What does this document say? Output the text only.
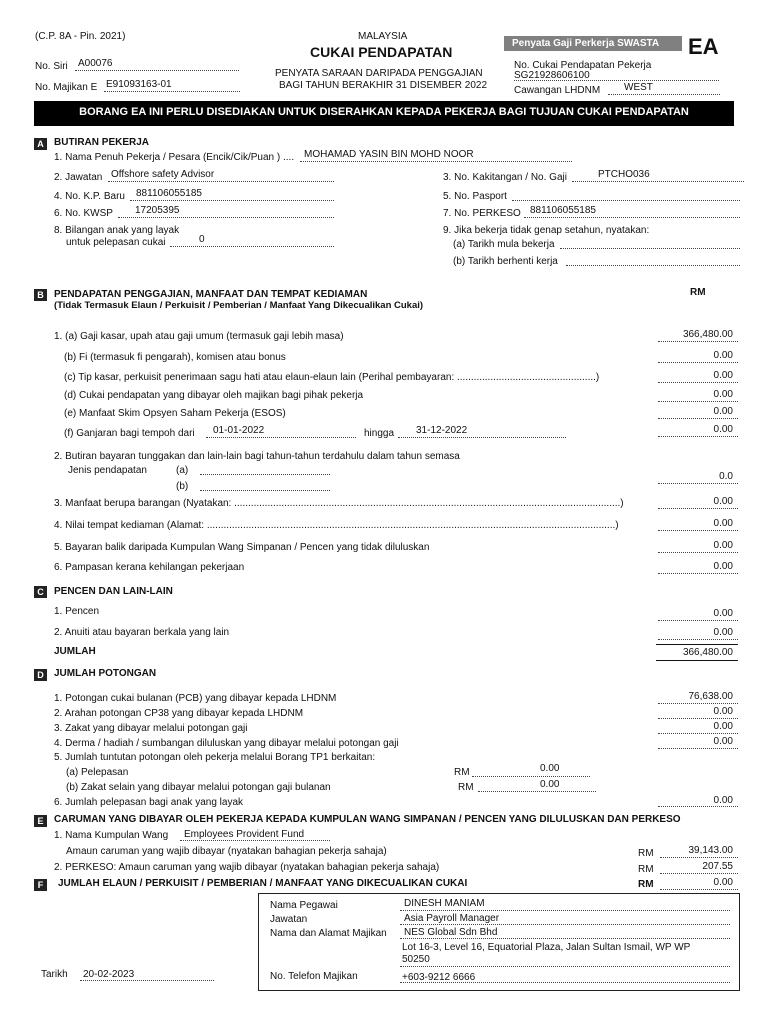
(C.P. 8A - Pin. 2021)	MALAYSIA
CUKAI PENDAPATAN
PENYATA SARAAN DARIPADA PENGGAJIAN
BAGI TAHUN BERAKHIR 31 DISEMBER 2022
No. Siri A00076
No. Majikan E E91093163-01
Penyata Gaji Perkerja SWASTA	EA
No. Cukai Pendapatan Pekerja
SG21928606100
Cawangan LHDNM WEST
BORANG EA INI PERLU DISEDIAKAN UNTUK DISERAHKAN KEPADA PEKERJA BAGI TUJUAN CUKAI PENDAPATAN
A	BUTIRAN PEKERJA
1. Nama Penuh Pekerja / Pesara (Encik/Cik/Puan ) .... MOHAMAD YASIN BIN MOHD NOOR
2. Jawatan Offshore safety Advisor	3. No. Kakitangan / No. Gaji	PTCHO036
4. No. K.P. Baru 881106055185	5. No. Pasport
6. No. KWSP 17205395	7. No. PERKESO 881106055185
8. Bilangan anak yang layak
untuk pelepasan cukai	0
9. Jika bekerja tidak genap setahun, nyatakan:
(a) Tarikh mula bekerja
(b) Tarikh berhenti kerja
B	PENDAPATAN PENGGAJIAN, MANFAAT DAN TEMPAT KEDIAMAN
(Tidak Termasuk Elaun / Perkuisit / Pemberian / Manfaat Yang Dikecualikan Cukai)
RM
1. (a) Gaji kasar, upah atau gaji umum (termasuk gaji lebih masa)	366,480.00
(b) Fi (termasuk fi pengarah), komisen atau bonus	0.00
(c) Tip kasar, perkuisit penerimaan sagu hati atau elaun-elaun lain (Perihal pembayaran: ..................................................)	0.00
(d) Cukai pendapatan yang dibayar oleh majikan bagi pihak pekerja	0.00
(e) Manfaat Skim Opsyen Saham Pekerja (ESOS)	0.00
(f) Ganjaran bagi tempoh dari 01-01-2022	hingga 31-12-2022	0.00
2. Butiran bayaran tunggakan dan lain-lain bagi tahun-tahun terdahulu dalam tahun semasa
Jenis pendapatan	(a)
(b)
0.0
3. Manfaat berupa barangan (Nyatakan: ...........................................................................................................................................)	0.00
4. Nilai tempat kediaman (Alamat: ...................................................................................................................................................)	0.00
5. Bayaran balik daripada Kumpulan Wang Simpanan / Pencen yang tidak diluluskan	0.00
6. Pampasan kerana kehilangan pekerjaan	0.00
C	PENCEN DAN LAIN-LAIN
1. Pencen	0.00
2. Anuiti atau bayaran berkala yang lain	0.00
JUMLAH	366,480.00
D	JUMLAH POTONGAN
1. Potongan cukai bulanan (PCB) yang dibayar kepada LHDNM	76,638.00
2. Arahan potongan CP38 yang dibayar kepada LHDNM	0.00
3. Zakat yang dibayar melalui potongan gaji	0.00
4. Derma / hadiah / sumbangan diluluskan yang dibayar melalui potongan gaji	0.00
5. Jumlah tuntutan potongan oleh pekerja melalui Borang TP1 berkaitan:
(a) Pelepasan	RM	0.00
(b) Zakat selain yang dibayar melalui potongan gaji bulanan	RM	0.00
6. Jumlah pelepasan bagi anak yang layak	0.00
E	CARUMAN YANG DIBAYAR OLEH PEKERJA KEPADA KUMPULAN WANG SIMPANAN / PENCEN YANG DILULUSKAN DAN PERKESO
1. Nama Kumpulan Wang Employees Provident Fund
Amaun caruman yang wajib dibayar (nyatakan bahagian pekerja sahaja)	RM	39,143.00
2. PERKESO: Amaun caruman yang wajib dibayar (nyatakan bahagian pekerja sahaja)	RM	207.55
F	JUMLAH ELAUN / PERKUISIT / PEMBERIAN / MANFAAT YANG DIKECUALIKAN CUKAI	RM	0.00
Nama Pegawai	DINESH MANIAM
Jawatan	Asia Payroll Manager
Nama dan Alamat Majikan NES Global Sdn Bhd
Lot 16-3, Level 16, Equatorial Plaza, Jalan Sultan Ismail, WP WP
50250
No. Telefon Majikan	+603-9212 6666
Tarikh 20-02-2023
